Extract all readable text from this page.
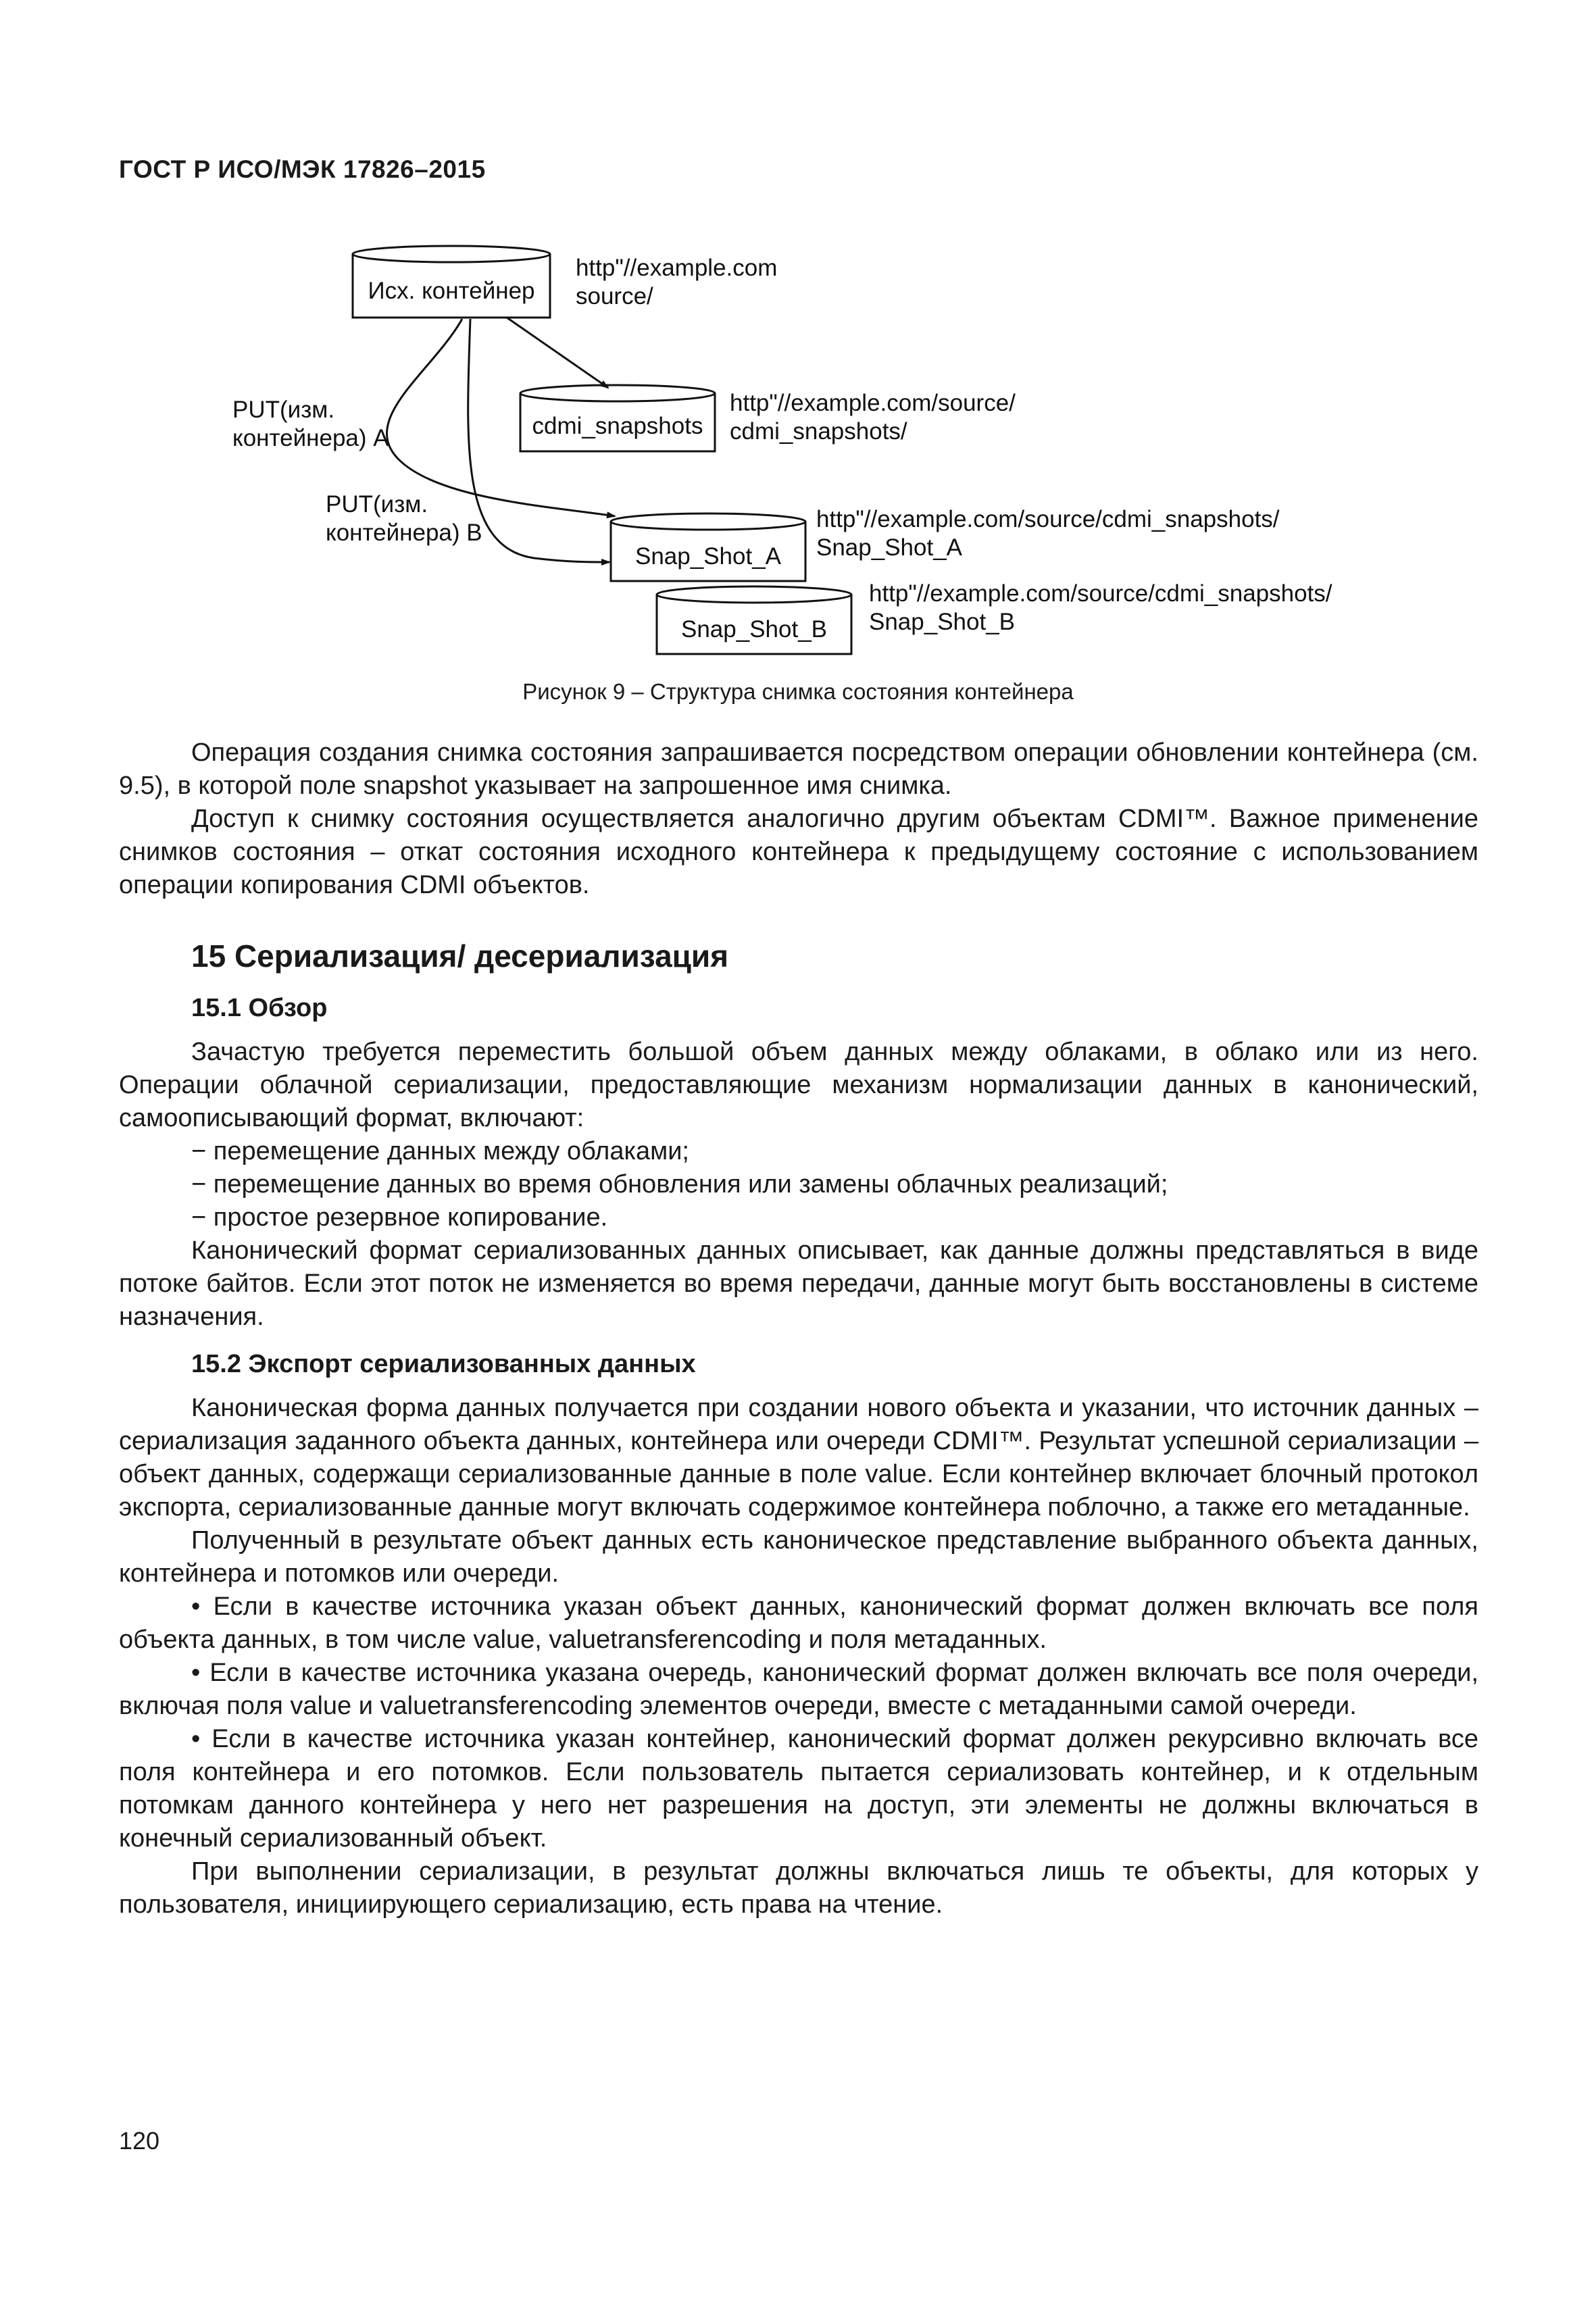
ГОСТ Р ИСО/МЭК 17826–2015
Исх. контейнер
http"//example.com
source/
cdmi_snapshots
http"//example.com/source/
cdmi_snapshots/
Snap_Shot_A
http"//example.com/source/cdmi_snapshots/
Snap_Shot_A
Snap_Shot_B
http"//example.com/source/cdmi_snapshots/
Snap_Shot_B
PUT(изм.
контейнера) A
PUT(изм.
контейнера) B
Рисунок 9 – Структура снимка состояния контейнера

Операция создания снимка состояния запрашивается посредством операции обновлении контейнера (см. 9.5), в которой поле snapshot указывает на запрошенное имя снимка.

Доступ к снимку состояния осуществляется аналогично другим объектам CDMI™. Важное применение снимков состояния – откат состояния исходного контейнера к предыдущему состояние с использованием операции копирования CDMI объектов.

15 Сериализация/ десериализация
15.1 Обзор

Зачастую требуется переместить большой объем данных между облаками, в облако или из него. Операции облачной сериализации, предоставляющие механизм нормализации данных в канонический, самоописывающий формат, включают:

− перемещение данных между облаками;
− перемещение данных во время обновления или замены облачных реализаций;
− простое резервное копирование.

Канонический формат сериализованных данных описывает, как данные должны представляться в виде потоке байтов. Если этот поток не изменяется во время передачи, данные могут быть восстановлены в системе назначения.

15.2 Экспорт сериализованных данных

Каноническая форма данных получается при создании нового объекта и указании, что источник данных – сериализация заданного объекта данных, контейнера или очереди CDMI™. Результат успешной сериализации – объект данных, содержащи сериализованные данные в поле value. Если контейнер включает блочный протокол экспорта, сериализованные данные могут включать содержимое контейнера поблочно, а также его метаданные.

Полученный в результате объект данных есть каноническое представление выбранного объекта данных, контейнера и потомков или очереди.

• Если в качестве источника указан объект данных, канонический формат должен включать все поля объекта данных, в том числе value, valuetransferencoding и поля метаданных.

• Если в качестве источника указана очередь, канонический формат должен включать все поля очереди, включая поля value и valuetransferencoding элементов очереди, вместе с метаданными самой очереди.

• Если в качестве источника указан контейнер, канонический формат должен рекурсивно включать все поля контейнера и его потомков. Если пользователь пытается сериализовать контейнер, и к отдельным потомкам данного контейнера у него нет разрешения на доступ, эти элементы не должны включаться в конечный сериализованный объект.

При выполнении сериализации, в результат должны включаться лишь те объекты, для которых у пользователя, инициирующего сериализацию, есть права на чтение.

120
